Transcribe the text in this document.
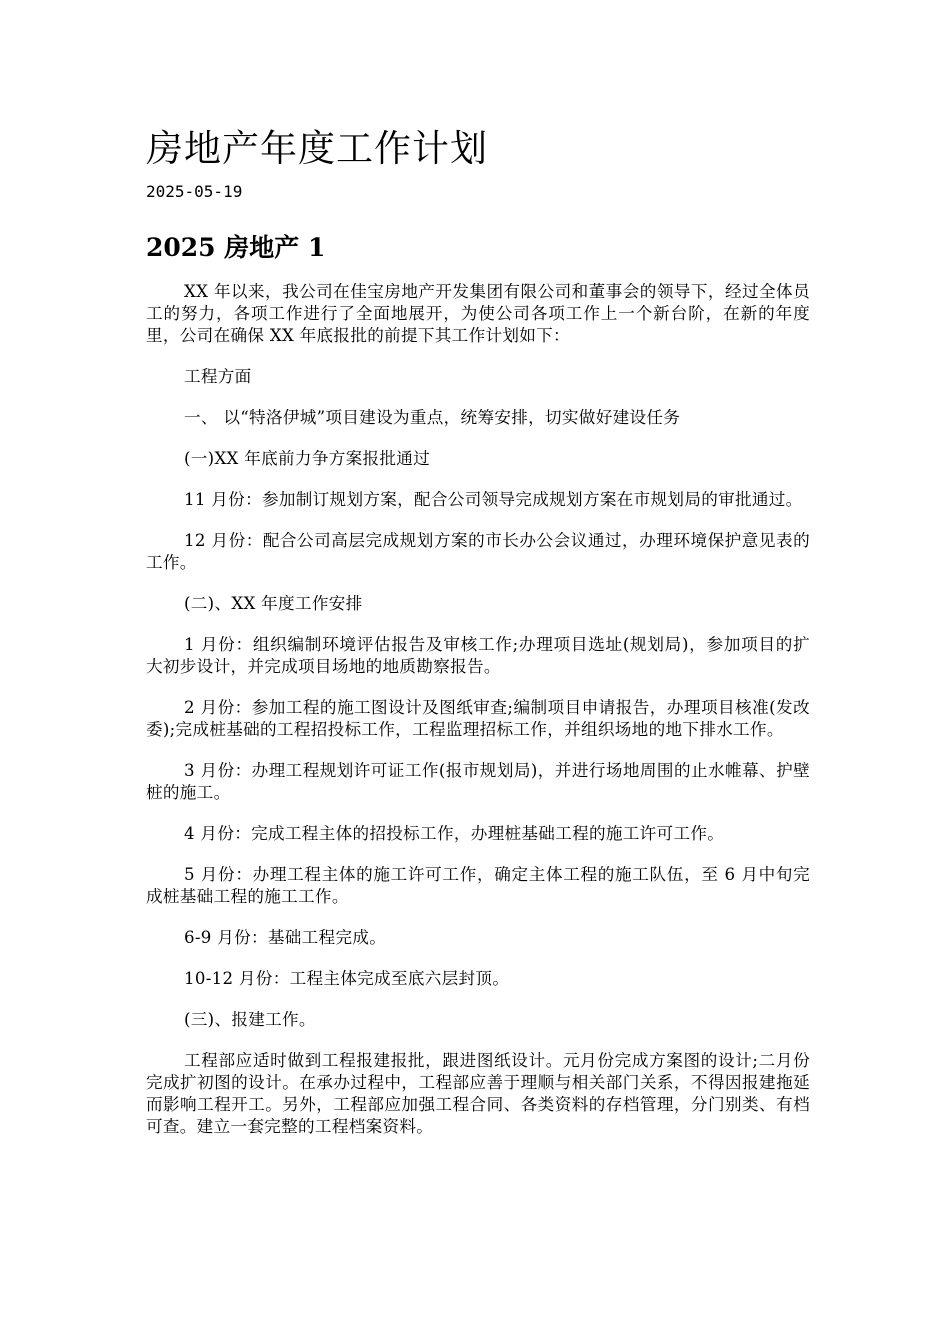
房地产年度工作计划
2025-05-19
2025 房地产 1

XX 年以来，我公司在佳宝房地产开发集团有限公司和董事会的领导下，经过全体员工的努力，各项工作进行了全面地展开，为使公司各项工作上一个新台阶，在新的年度里，公司在确保 XX 年底报批的前提下其工作计划如下：

工程方面

一、 以“特洛伊城”项目建设为重点，统筹安排，切实做好建设任务

(一)XX 年底前力争方案报批通过

11 月份：参加制订规划方案，配合公司领导完成规划方案在市规划局的审批通过。

12 月份：配合公司高层完成规划方案的市长办公会议通过，办理环境保护意见表的工作。

(二)、XX 年度工作安排

1 月份：组织编制环境评估报告及审核工作;办理项目选址(规划局)，参加项目的扩大初步设计，并完成项目场地的地质勘察报告。

2 月份：参加工程的施工图设计及图纸审查;编制项目申请报告，办理项目核准(发改委);完成桩基础的工程招投标工作，工程监理招标工作，并组织场地的地下排水工作。

3 月份：办理工程规划许可证工作(报市规划局)，并进行场地周围的止水帷幕、护壁桩的施工。

4 月份：完成工程主体的招投标工作，办理桩基础工程的施工许可工作。

5 月份：办理工程主体的施工许可工作，确定主体工程的施工队伍，至 6 月中旬完成桩基础工程的施工工作。

6-9 月份：基础工程完成。

10-12 月份：工程主体完成至底六层封顶。

(三)、报建工作。

工程部应适时做到工程报建报批，跟进图纸设计。元月份完成方案图的设计;二月份完成扩初图的设计。在承办过程中，工程部应善于理顺与相关部门关系，不得因报建拖延而影响工程开工。另外，工程部应加强工程合同、各类资料的存档管理，分门别类、有档可查。建立一套完整的工程档案资料。
